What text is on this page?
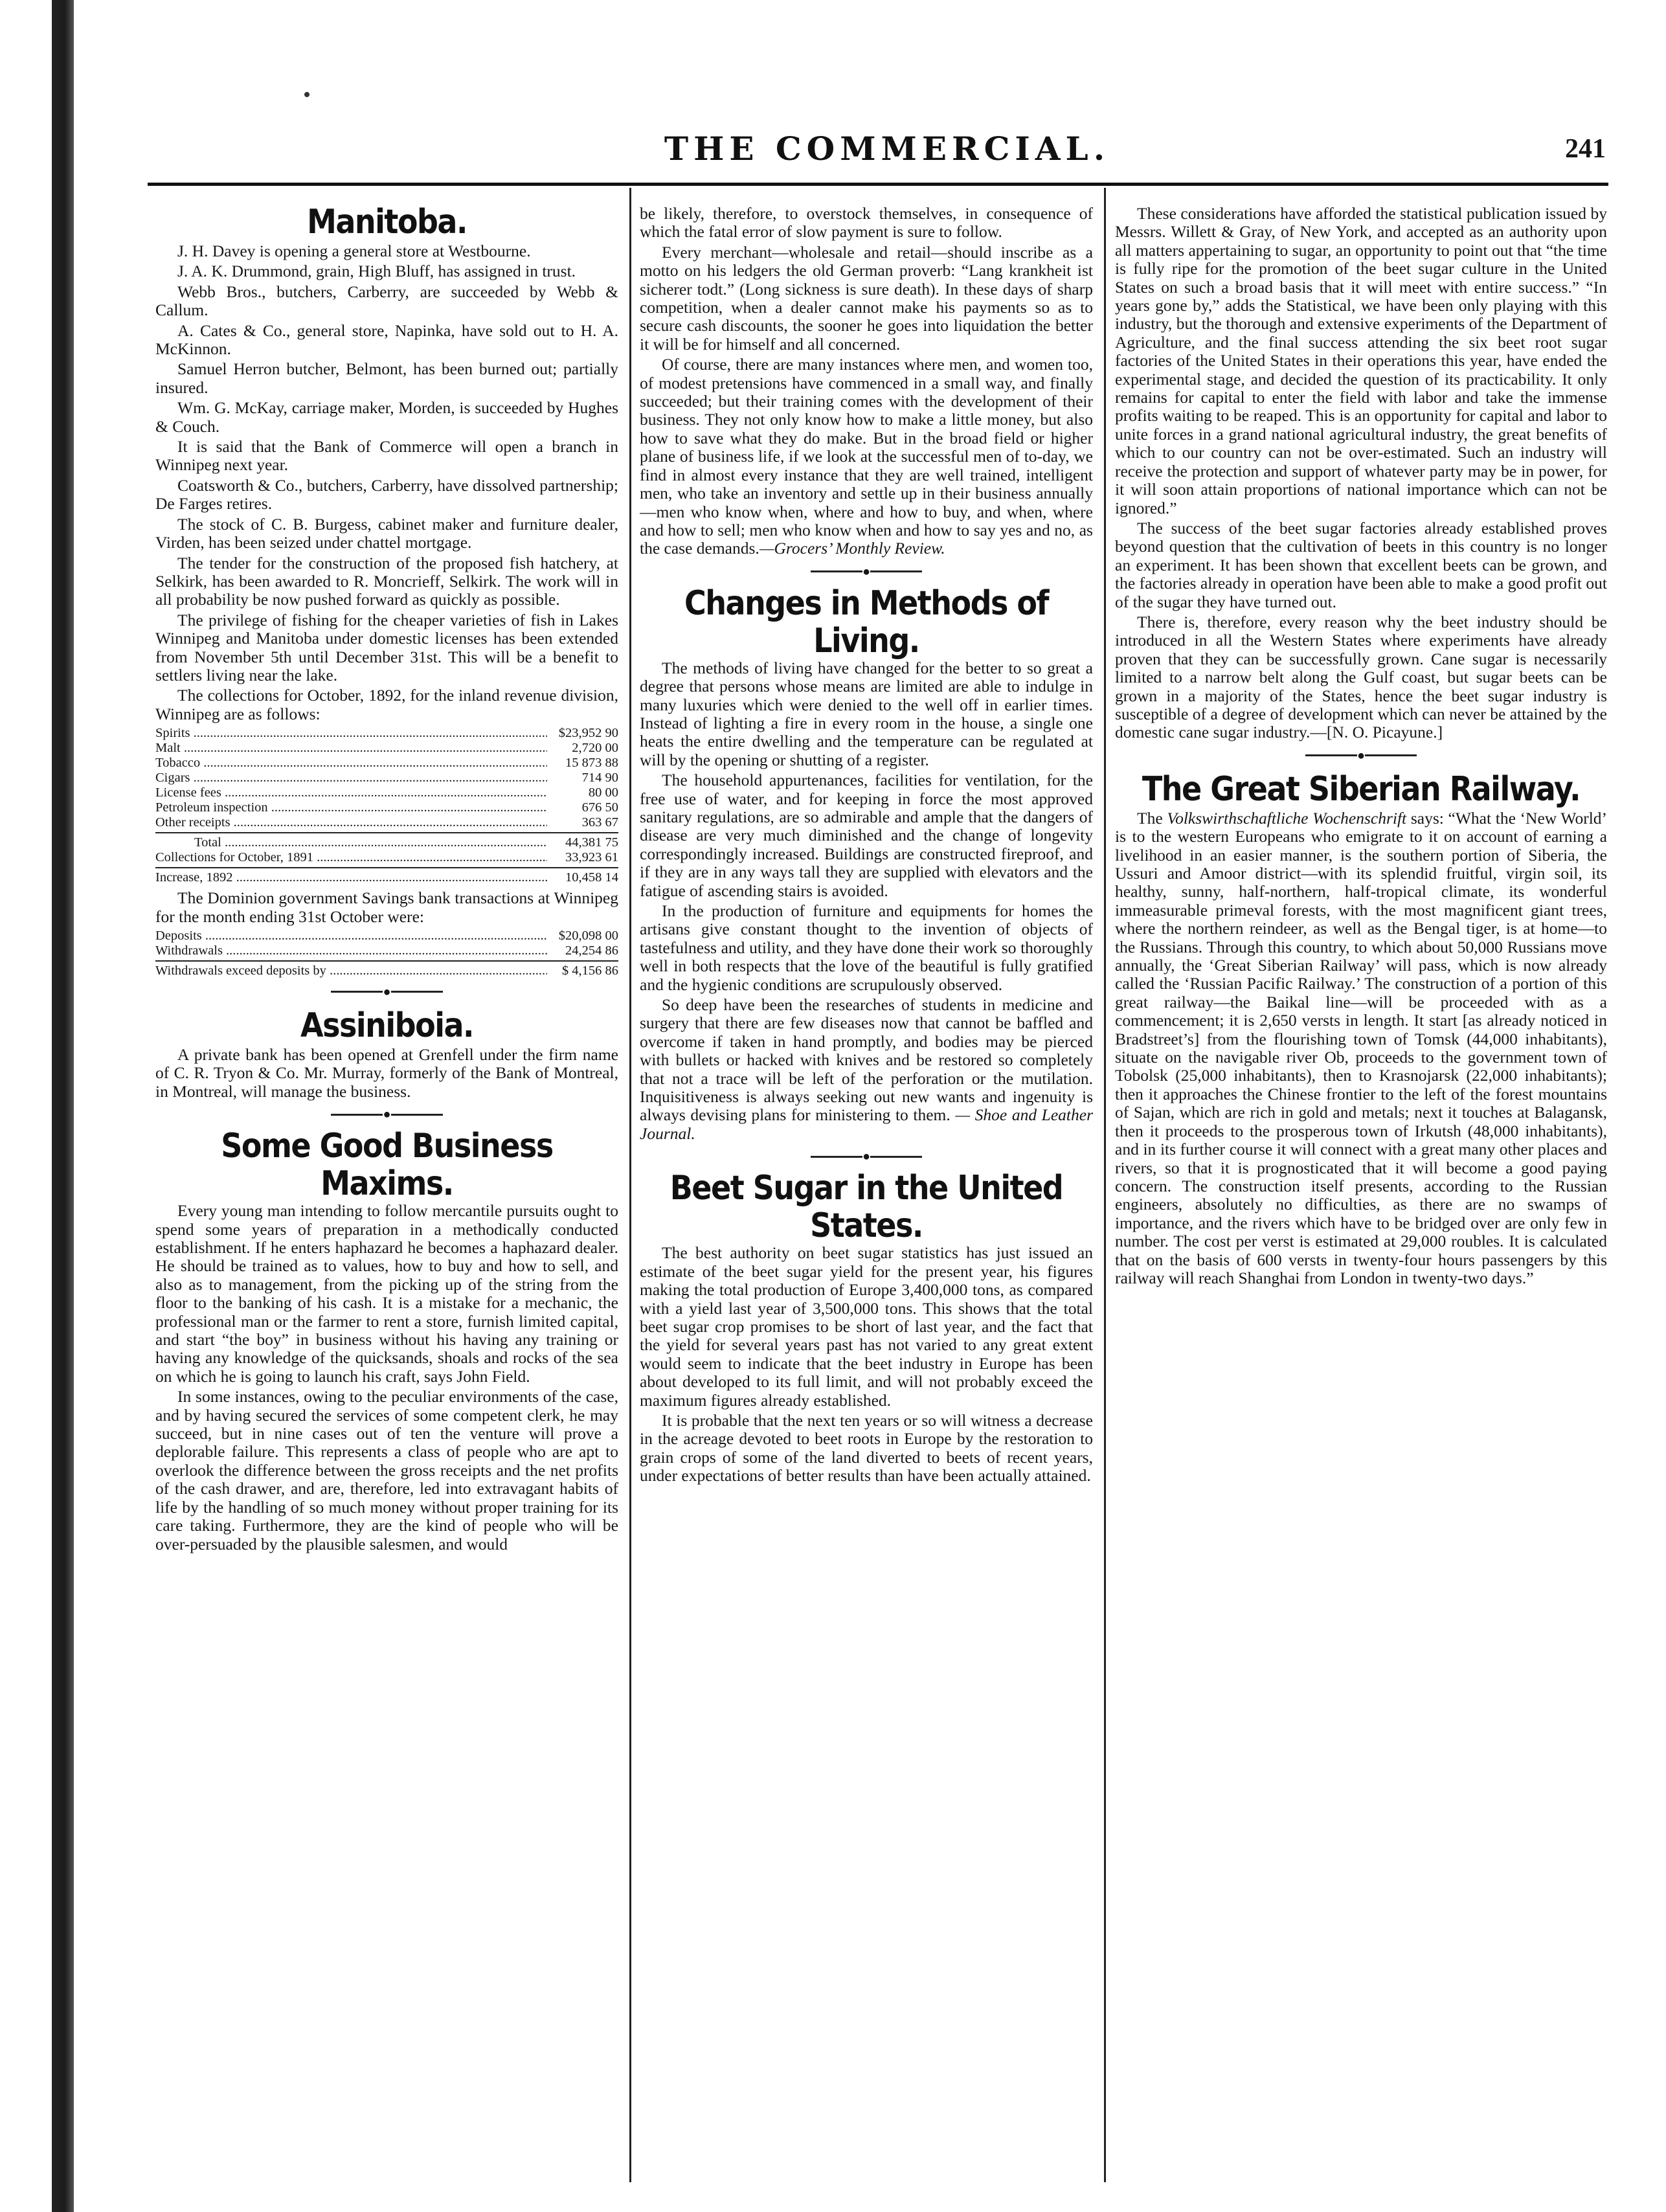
THE COMMERCIAL.	241
Manitoba.

J. H. Davey is opening a general store at Westbourne.

J. A. K. Drummond, grain, High Bluff, has assigned in trust.

Webb Bros., butchers, Carberry, are succeeded by Webb & Callum.

A. Cates & Co., general store, Napinka, have sold out to H. A. McKinnon.

Samuel Herron butcher, Belmont, has been burned out; partially insured.

Wm. G. McKay, carriage maker, Morden, is succeeded by Hughes & Couch.

It is said that the Bank of Commerce will open a branch in Winnipeg next year.

Coatsworth & Co., butchers, Carberry, have dissolved partnership; De Farges retires.

The stock of C. B. Burgess, cabinet maker and furniture dealer, Virden, has been seized under chattel mortgage.

The tender for the construction of the proposed fish hatchery, at Selkirk, has been awarded to R. Moncrieff, Selkirk. The work will in all probability be now pushed forward as quickly as possible.

The privilege of fishing for the cheaper varieties of fish in Lakes Winnipeg and Manitoba under domestic licenses has been extended from November 5th until December 31st. This will be a benefit to settlers living near the lake.

The collections for October, 1892, for the inland revenue division, Winnipeg are as follows:

Spirits .....	$23,952 90
Malt .....	2,720 00
Tobacco .....	15 873 88
Cigars .....	714 90
License fees .....	80 00
Petroleum inspection .....	676 50
Other receipts .....	363 67
Total .....	44,381 75
Collections for October, 1891 .....	33,923 61
Increase, 1892 .....	10,458 14

The Dominion government Savings bank transactions at Winnipeg for the month ending 31st October were:

Deposits .....	$20,098 00
Withdrawals .....	24,254 86
Withdrawals exceed deposits by .....	$ 4,156 86
●
Assiniboia.

A private bank has been opened at Grenfell under the firm name of C. R. Tryon & Co. Mr. Murray, formerly of the Bank of Montreal, in Montreal, will manage the business.

●
Some Good Business Maxims.

Every young man intending to follow mercantile pursuits ought to spend some years of preparation in a methodically conducted establishment. If he enters haphazard he becomes a haphazard dealer. He should be trained as to values, how to buy and how to sell, and also as to management, from the picking up of the string from the floor to the banking of his cash. It is a mistake for a mechanic, the professional man or the farmer to rent a store, furnish limited capital, and start “the boy” in business without his having any training or having any knowledge of the quicksands, shoals and rocks of the sea on which he is going to launch his craft, says John Field.

In some instances, owing to the peculiar environments of the case, and by having secured the services of some competent clerk, he may succeed, but in nine cases out of ten the venture will prove a deplorable failure. This represents a class of people who are apt to overlook the difference between the gross receipts and the net profits of the cash drawer, and are, therefore, led into extravagant habits of life by the handling of so much money without proper training for its care taking. Furthermore, they are the kind of people who will be over-persuaded by the plausible salesmen, and would

be likely, therefore, to overstock themselves, in consequence of which the fatal error of slow payment is sure to follow.

Every merchant—wholesale and retail—should inscribe as a motto on his ledgers the old German proverb: “Lang krankheit ist sicherer todt.” (Long sickness is sure death). In these days of sharp competition, when a dealer cannot make his payments so as to secure cash discounts, the sooner he goes into liquidation the better it will be for himself and all concerned.

Of course, there are many instances where men, and women too, of modest pretensions have commenced in a small way, and finally succeeded; but their training comes with the development of their business. They not only know how to make a little money, but also how to save what they do make. But in the broad field or higher plane of business life, if we look at the successful men of to-day, we find in almost every instance that they are well trained, intelligent men, who take an inventory and settle up in their business annually—men who know when, where and how to buy, and when, where and how to sell; men who know when and how to say yes and no, as the case demands.—Grocers’ Monthly Review.

●
Changes in Methods of Living.

The methods of living have changed for the better to so great a degree that persons whose means are limited are able to indulge in many luxuries which were denied to the well off in earlier times. Instead of lighting a fire in every room in the house, a single one heats the entire dwelling and the temperature can be regulated at will by the opening or shutting of a register.

The household appurtenances, facilities for ventilation, for the free use of water, and for keeping in force the most approved sanitary regulations, are so admirable and ample that the dangers of disease are very much diminished and the change of longevity correspondingly increased. Buildings are constructed fireproof, and if they are in any ways tall they are supplied with elevators and the fatigue of ascending stairs is avoided.

In the production of furniture and equipments for homes the artisans give constant thought to the invention of objects of tastefulness and utility, and they have done their work so thoroughly well in both respects that the love of the beautiful is fully gratified and the hygienic conditions are scrupulously observed.

So deep have been the researches of students in medicine and surgery that there are few diseases now that cannot be baffled and overcome if taken in hand promptly, and bodies may be pierced with bullets or hacked with knives and be restored so completely that not a trace will be left of the perforation or the mutilation. Inquisitiveness is always seeking out new wants and ingenuity is always devising plans for ministering to them. — Shoe and Leather Journal.

●
Beet Sugar in the United States.

The best authority on beet sugar statistics has just issued an estimate of the beet sugar yield for the present year, his figures making the total production of Europe 3,400,000 tons, as compared with a yield last year of 3,500,000 tons. This shows that the total beet sugar crop promises to be short of last year, and the fact that the yield for several years past has not varied to any great extent would seem to indicate that the beet industry in Europe has been about developed to its full limit, and will not probably exceed the maximum figures already established.

It is probable that the next ten years or so will witness a decrease in the acreage devoted to beet roots in Europe by the restoration to grain crops of some of the land diverted to beets of recent years, under expectations of better results than have been actually attained.

These considerations have afforded the statistical publication issued by Messrs. Willett & Gray, of New York, and accepted as an authority upon all matters appertaining to sugar, an opportunity to point out that “the time is fully ripe for the promotion of the beet sugar culture in the United States on such a broad basis that it will meet with entire success.” “In years gone by,” adds the Statistical, we have been only playing with this industry, but the thorough and extensive experiments of the Department of Agriculture, and the final success attending the six beet root sugar factories of the United States in their operations this year, have ended the experimental stage, and decided the question of its practicability. It only remains for capital to enter the field with labor and take the immense profits waiting to be reaped. This is an opportunity for capital and labor to unite forces in a grand national agricultural industry, the great benefits of which to our country can not be over-estimated. Such an industry will receive the protection and support of whatever party may be in power, for it will soon attain proportions of national importance which can not be ignored.”

The success of the beet sugar factories already established proves beyond question that the cultivation of beets in this country is no longer an experiment. It has been shown that excellent beets can be grown, and the factories already in operation have been able to make a good profit out of the sugar they have turned out.

There is, therefore, every reason why the beet industry should be introduced in all the Western States where experiments have already proven that they can be successfully grown. Cane sugar is necessarily limited to a narrow belt along the Gulf coast, but sugar beets can be grown in a majority of the States, hence the beet sugar industry is susceptible of a degree of development which can never be attained by the domestic cane sugar industry.—[N. O. Picayune.]

●
The Great Siberian Railway.

The Volkswirthschaftliche Wochenschrift says: “What the ‘New World’ is to the western Europeans who emigrate to it on account of earning a livelihood in an easier manner, is the southern portion of Siberia, the Ussuri and Amoor district—with its splendid fruitful, virgin soil, its healthy, sunny, half-northern, half-tropical climate, its wonderful immeasurable primeval forests, with the most magnificent giant trees, where the northern reindeer, as well as the Bengal tiger, is at home—to the Russians. Through this country, to which about 50,000 Russians move annually, the ‘Great Siberian Railway’ will pass, which is now already called the ‘Russian Pacific Railway.’ The construction of a portion of this great railway—the Baikal line—will be proceeded with as a commencement; it is 2,650 versts in length. It start [as already noticed in Bradstreet’s] from the flourishing town of Tomsk (44,000 inhabitants), situate on the navigable river Ob, proceeds to the government town of Tobolsk (25,000 inhabitants), then to Krasnojarsk (22,000 inhabitants); then it approaches the Chinese frontier to the left of the forest mountains of Sajan, which are rich in gold and metals; next it touches at Balagansk, then it proceeds to the prosperous town of Irkutsh (48,000 inhabitants), and in its further course it will connect with a great many other places and rivers, so that it is prognosticated that it will become a good paying concern. The construction itself presents, according to the Russian engineers, absolutely no difficulties, as there are no swamps of importance, and the rivers which have to be bridged over are only few in number. The cost per verst is estimated at 29,000 roubles. It is calculated that on the basis of 600 versts in twenty-four hours passengers by this railway will reach Shanghai from London in twenty-two days.”
